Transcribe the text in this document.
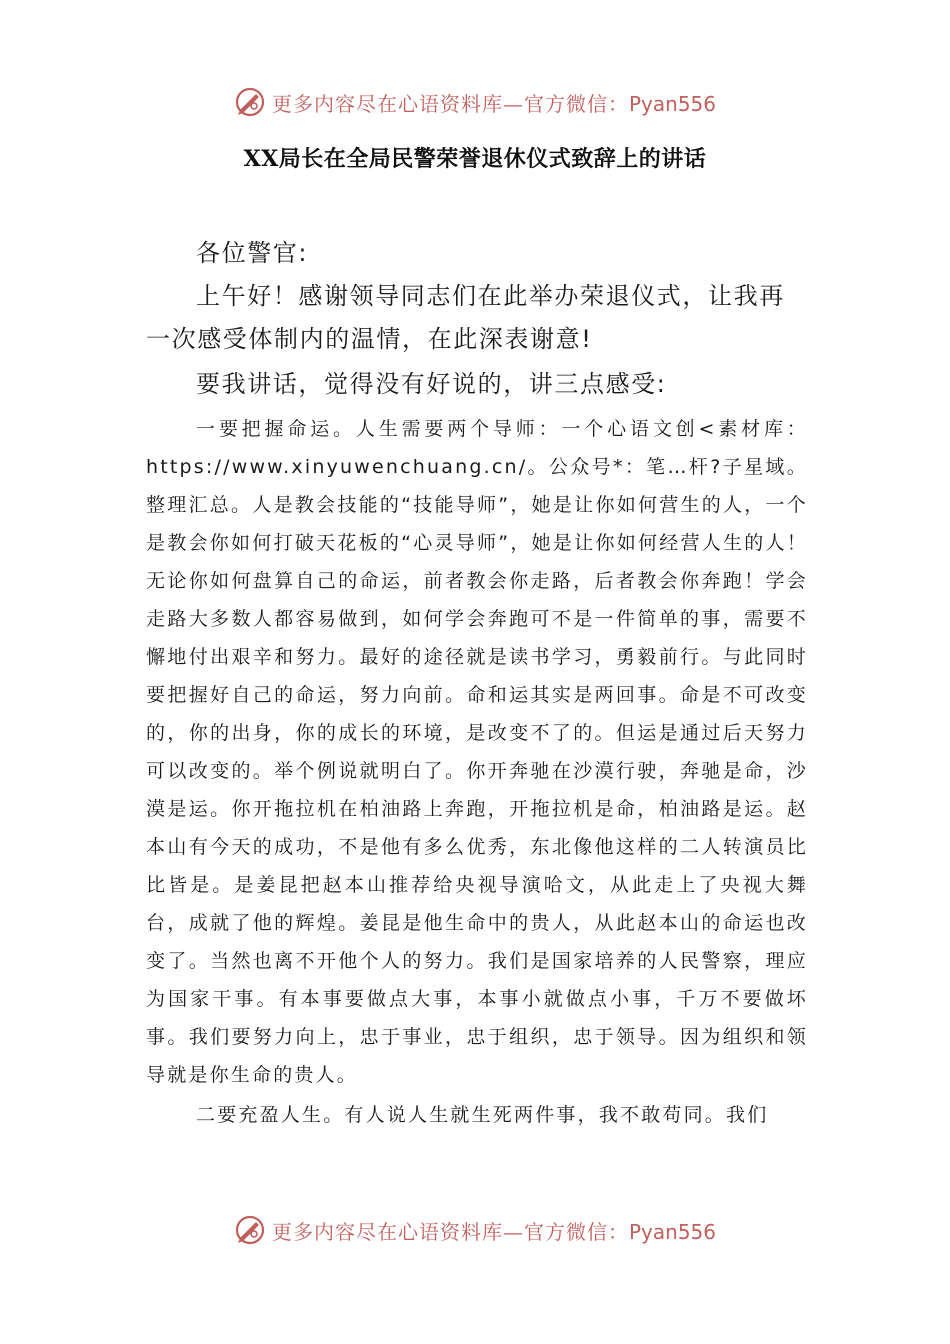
更多内容尽在心语资料库—官方微信：Pyan556
XX局长在全局民警荣誉退休仪式致辞上的讲话

各位警官:

上午好！感谢领导同志们在此举办荣退仪式，让我再一次感受体制内的温情，在此深表谢意!

要我讲话，觉得没有好说的，讲三点感受:

一要把握命运。人生需要两个导师：一个心语文创<素材库：https://www.xinyuwenchuang.cn/。公众号*：笔…杆?子星域。整理汇总。人是教会技能的“技能导师”，她是让你如何营生的人，一个是教会你如何打破天花板的“心灵导师”，她是让你如何经营人生的人！无论你如何盘算自己的命运，前者教会你走路，后者教会你奔跑！学会走路大多数人都容易做到，如何学会奔跑可不是一件简单的事，需要不懈地付出艰辛和努力。最好的途径就是读书学习，勇毅前行。与此同时要把握好自己的命运，努力向前。命和运其实是两回事。命是不可改变的，你的出身，你的成长的环境，是改变不了的。但运是通过后天努力可以改变的。举个例说就明白了。你开奔驰在沙漠行驶，奔驰是命，沙漠是运。你开拖拉机在柏油路上奔跑，开拖拉机是命，柏油路是运。赵本山有今天的成功，不是他有多么优秀，东北像他这样的二人转演员比比皆是。是姜昆把赵本山推荐给央视导演哈文，从此走上了央视大舞台，成就了他的辉煌。姜昆是他生命中的贵人，从此赵本山的命运也改变了。当然也离不开他个人的努力。我们是国家培养的人民警察，理应为国家干事。有本事要做点大事，本事小就做点小事，千万不要做坏事。我们要努力向上，忠于事业，忠于组织，忠于领导。因为组织和领导就是你生命的贵人。

二要充盈人生。有人说人生就生死两件事，我不敢苟同。我们

更多内容尽在心语资料库—官方微信：Pyan556
